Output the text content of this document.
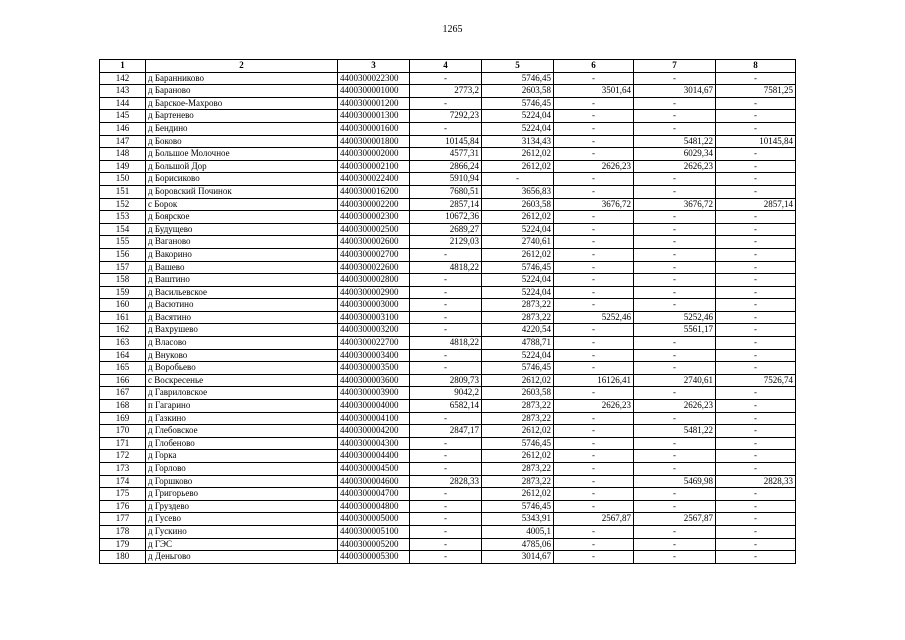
1265
1	2	3	4	5	6	7	8
142	д Баранниково	4400300022300	-	5746,45	-	-	-
143	д Бараново	4400300001000	2773,2	2603,58	3501,64	3014,67	7581,25
144	д Барское-Махрово	4400300001200	-	5746,45	-	-	-
145	д Бартенево	4400300001300	7292,23	5224,04	-	-	-
146	д Бендино	4400300001600	-	5224,04	-	-	-
147	д Боково	4400300001800	10145,84	3134,43	-	5481,22	10145,84
148	д Большое Молочное	4400300002000	4577,31	2612,02	-	6029,34	-
149	д Большой Дор	4400300002100	2866,24	2612,02	2626,23	2626,23	-
150	д Борисиково	4400300022400	5910,94	-	-	-	-
151	д Боровский Починок	4400300016200	7680,51	3656,83	-	-	-
152	с Борок	4400300002200	2857,14	2603,58	3676,72	3676,72	2857,14
153	д Боярское	4400300002300	10672,36	2612,02	-	-	-
154	д Будущево	4400300002500	2689,27	5224,04	-	-	-
155	д Ваганово	4400300002600	2129,03	2740,61	-	-	-
156	д Вакорино	4400300002700	-	2612,02	-	-	-
157	д Вашево	4400300022600	4818,22	5746,45	-	-	-
158	д Ваштино	4400300002800	-	5224,04	-	-	-
159	д Васильевское	4400300002900	-	5224,04	-	-	-
160	д Васютино	4400300003000	-	2873,22	-	-	-
161	д Васятино	4400300003100	-	2873,22	5252,46	5252,46	-
162	д Вахрушево	4400300003200	-	4220,54	-	5561,17	-
163	д Власово	4400300022700	4818,22	4788,71	-	-	-
164	д Внуково	4400300003400	-	5224,04	-	-	-
165	д Воробьево	4400300003500	-	5746,45	-	-	-
166	с Воскресенье	4400300003600	2809,73	2612,02	16126,41	2740,61	7526,74
167	д Гавриловское	4400300003900	9042,2	2603,58	-	-	-
168	п Гагарино	4400300004000	6582,14	2873,22	2626,23	2626,23	-
169	д Газкино	4400300004100	-	2873,22	-	-	-
170	д Глебовское	4400300004200	2847,17	2612,02	-	5481,22	-
171	д Глобеново	4400300004300	-	5746,45	-	-	-
172	д Горка	4400300004400	-	2612,02	-	-	-
173	д Горлово	4400300004500	-	2873,22	-	-	-
174	д Горшково	4400300004600	2828,33	2873,22	-	5469,98	2828,33
175	д Григорьево	4400300004700	-	2612,02	-	-	-
176	д Груздево	4400300004800	-	5746,45	-	-	-
177	д Гусево	4400300005000	-	5343,91	2567,87	2567,87	-
178	д Гускино	4400300005100	-	4005,1	-	-	-
179	д ГЭС	4400300005200	-	4785,06	-	-	-
180	д Деньгово	4400300005300	-	3014,67	-	-	-
